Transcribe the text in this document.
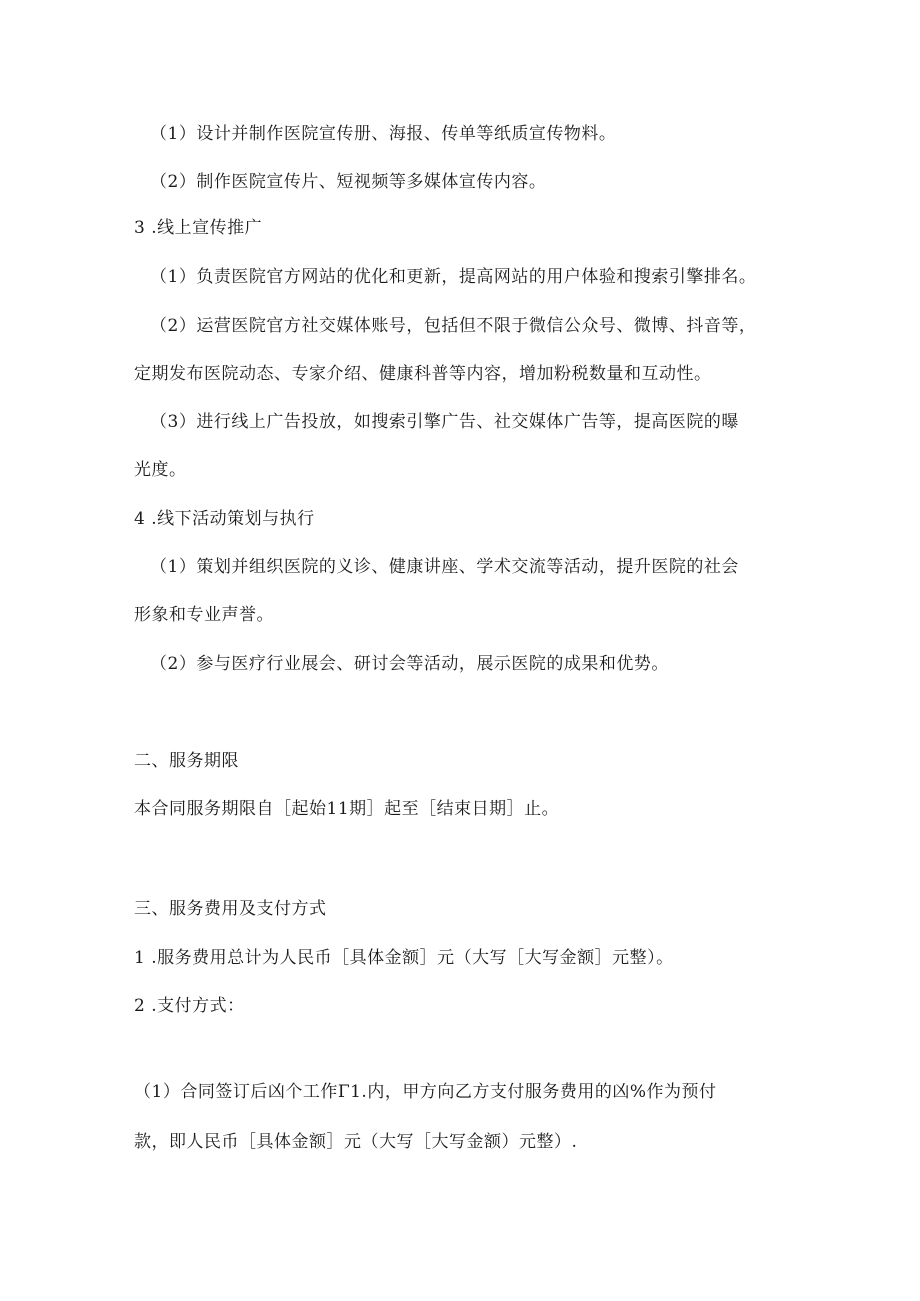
（1）设计并制作医院宣传册、海报、传单等纸质宣传物料。
（2）制作医院宣传片、短视频等多媒体宣传内容。
3 .线上宣传推广
（1）负责医院官方网站的优化和更新，提高网站的用户体验和搜索引擎排名。
（2）运营医院官方社交媒体账号，包括但不限于微信公众号、微博、抖音等，
定期发布医院动态、专家介绍、健康科普等内容，增加粉税数量和互动性。
（3）进行线上广告投放，如搜索引擎广告、社交媒体广告等，提高医院的曝
光度。
4 .线下活动策划与执行
（1）策划并组织医院的义诊、健康讲座、学术交流等活动，提升医院的社会
形象和专业声誉。
（2）参与医疗行业展会、研讨会等活动，展示医院的成果和优势。
二、服务期限
本合同服务期限自［起始11期］起至［结束日期］止。
三、服务费用及支付方式
1 .服务费用总计为人民币［具体金额］元（大写［大写金额］元整）。
2 .支付方式：
（1）合同签订后凶个工作Γ1.内，甲方向乙方支付服务费用的凶%作为预付
款，即人民币［具体金额］元（大写［大写金额）元整）.
